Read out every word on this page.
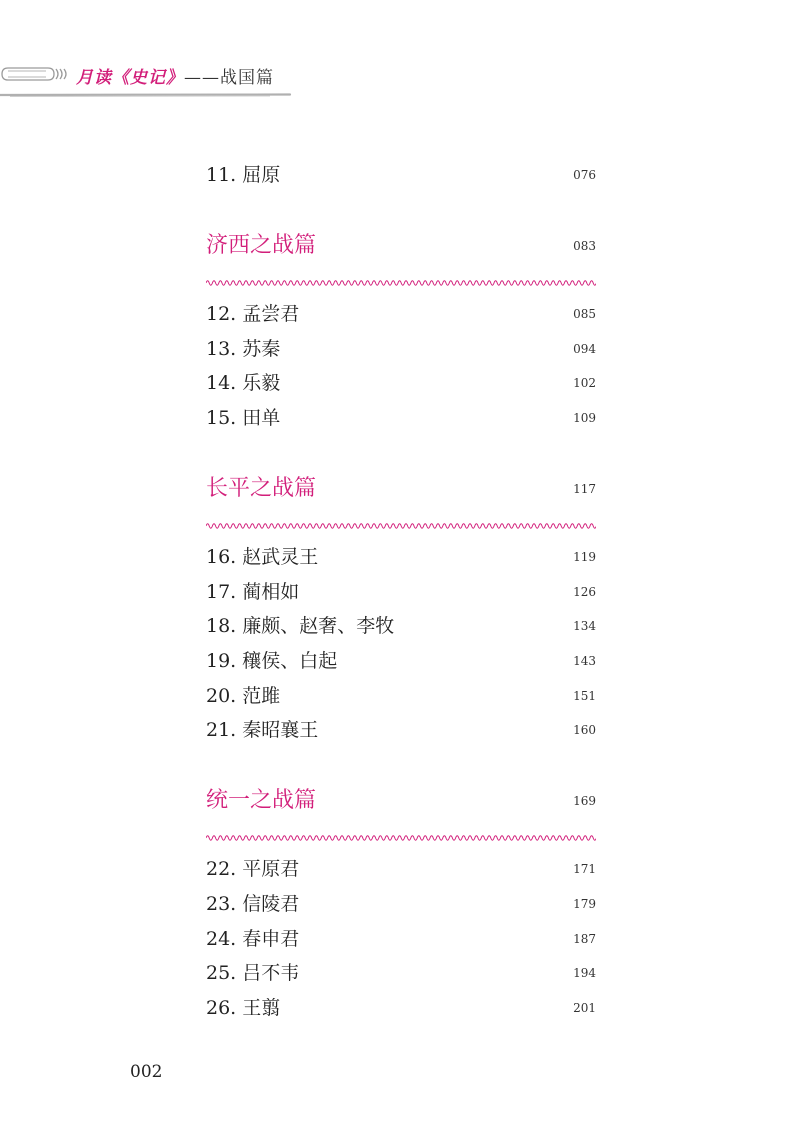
月读《史记》——战国篇
11. 屈原	076
济西之战篇	083
12. 孟尝君	085
13. 苏秦	094
14. 乐毅	102
15. 田单	109
长平之战篇	117
16. 赵武灵王	119
17. 蔺相如	126
18. 廉颇、赵奢、李牧	134
19. 穰侯、白起	143
20. 范雎	151
21. 秦昭襄王	160
统一之战篇	169
22. 平原君	171
23. 信陵君	179
24. 春申君	187
25. 吕不韦	194
26. 王翦	201
002
